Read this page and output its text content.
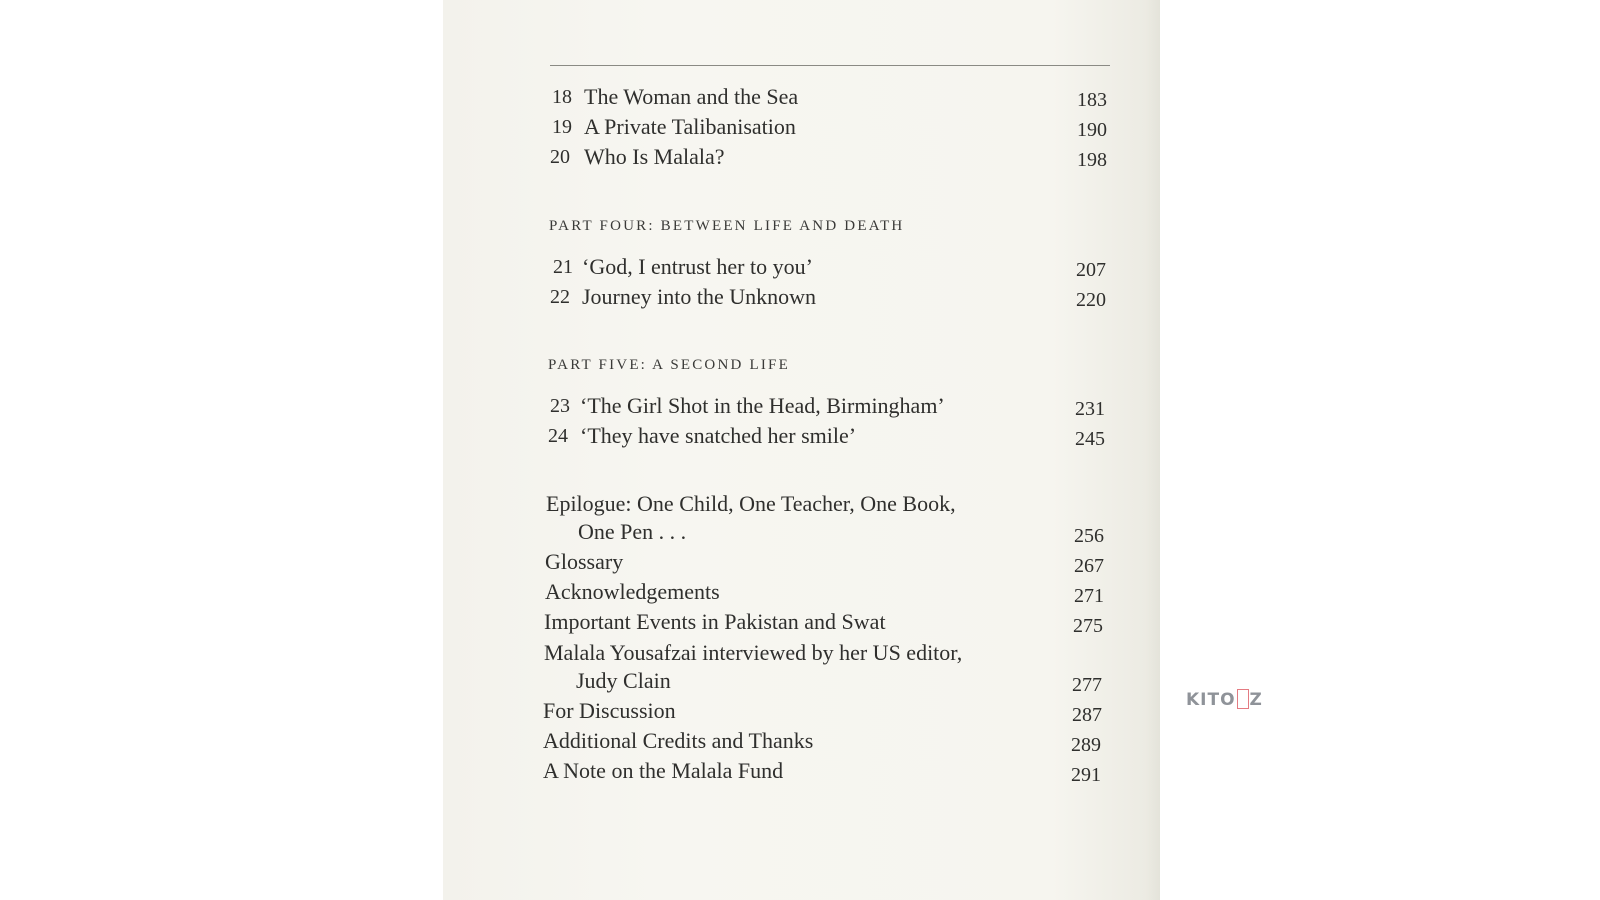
18 The Woman and the Sea	183
19 A Private Talibanisation	190
20 Who Is Malala?	198
PART FOUR: BETWEEN LIFE AND DEATH
21 ‘God, I entrust her to you’	207
22 Journey into the Unknown	220
PART FIVE: A SECOND LIFE
23 ‘The Girl Shot in the Head, Birmingham’	231
24 ‘They have snatched her smile’	245
Epilogue: One Child, One Teacher, One Book,
One Pen . . .	256
Glossary	267
Acknowledgements	271
Important Events in Pakistan and Swat	275
Malala Yousafzai interviewed by her US editor,
Judy Clain	277
For Discussion	287
Additional Credits and Thanks	289
A Note on the Malala Fund	291
KITO Z
